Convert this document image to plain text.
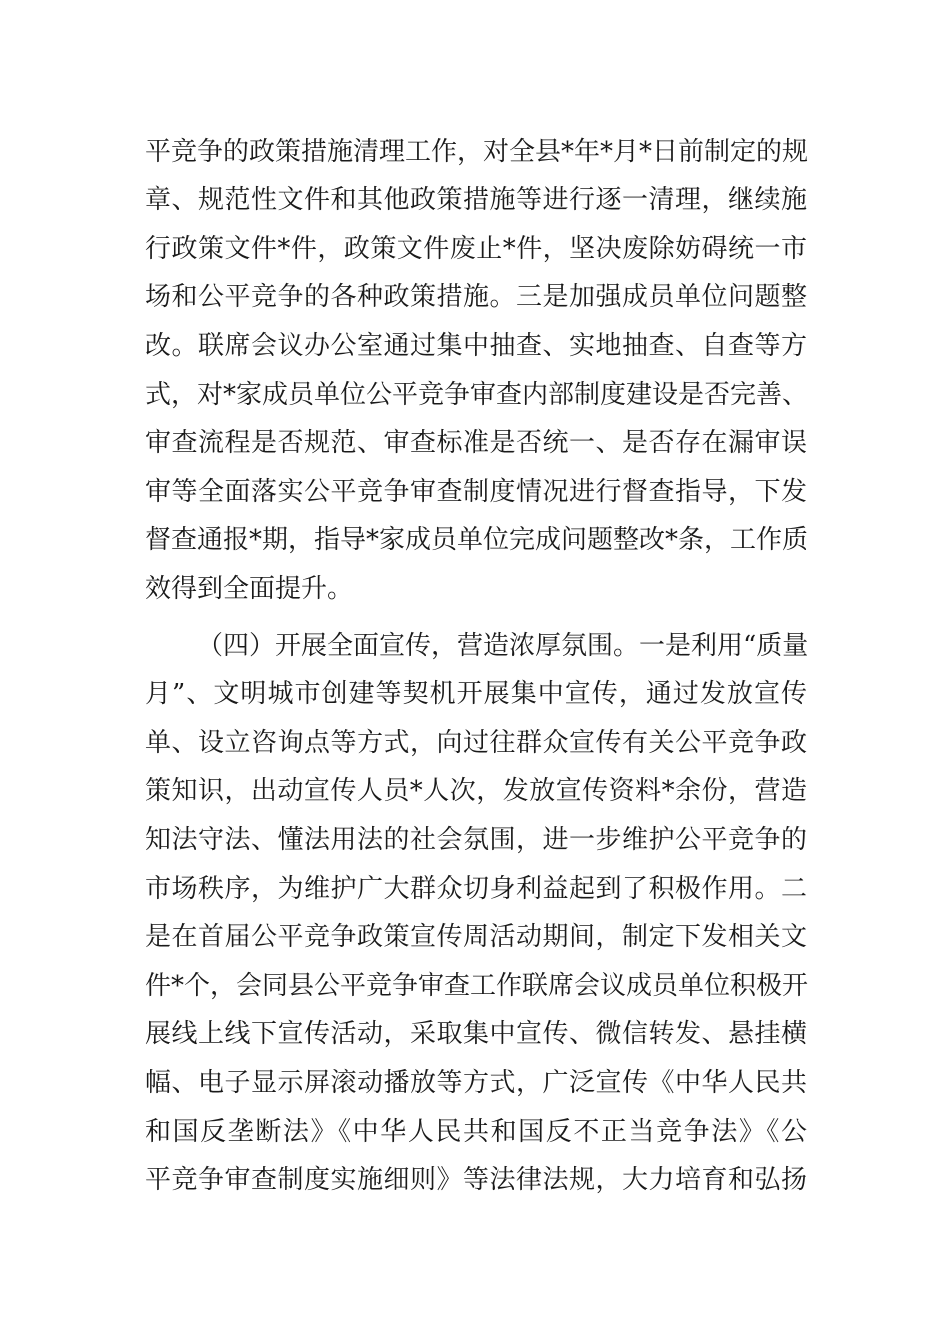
平竞争的政策措施清理工作，对全县*年*月*日前制定的规
章、规范性文件和其他政策措施等进行逐一清理，继续施
行政策文件*件，政策文件废止*件，坚决废除妨碍统一市
场和公平竞争的各种政策措施。三是加强成员单位问题整
改。联席会议办公室通过集中抽查、实地抽查、自查等方
式，对*家成员单位公平竞争审查内部制度建设是否完善、
审查流程是否规范、审查标准是否统一、是否存在漏审误
审等全面落实公平竞争审查制度情况进行督查指导，下发
督查通报*期，指导*家成员单位完成问题整改*条，工作质
效得到全面提升。
（四）开展全面宣传，营造浓厚氛围。一是利用“质量
月”、文明城市创建等契机开展集中宣传，通过发放宣传
单、设立咨询点等方式，向过往群众宣传有关公平竞争政
策知识，出动宣传人员*人次，发放宣传资料*余份，营造
知法守法、懂法用法的社会氛围，进一步维护公平竞争的
市场秩序，为维护广大群众切身利益起到了积极作用。二
是在首届公平竞争政策宣传周活动期间，制定下发相关文
件*个，会同县公平竞争审查工作联席会议成员单位积极开
展线上线下宣传活动，采取集中宣传、微信转发、悬挂横
幅、电子显示屏滚动播放等方式，广泛宣传《中华人民共
和国反垄断法》《中华人民共和国反不正当竞争法》《公
平竞争审查制度实施细则》等法律法规，大力培育和弘扬
